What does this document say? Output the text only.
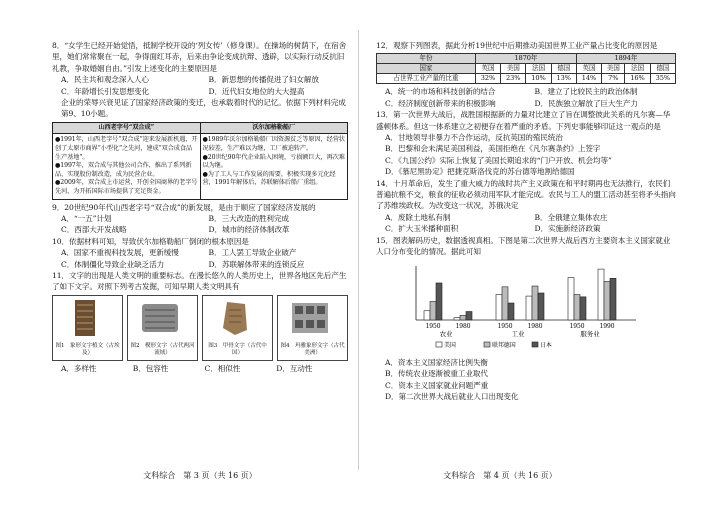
8．“女学生已经开始觉悟，抵制学校开设的‘列女传’（修身课）。在操场的树荫下，在宿舍里，她们常常聚在一起，争得面红耳赤，后来由争论变成抗辩、透辟，以实际行动反抗旧礼教，争取婚姻自由。”引发上述变化的主要原因是

A．民主共和观念深入人心	B．新思想的传播促进了妇女解放
C．年龄增长引发思想变化	D．近代妇女地位的大大提高

企业的荣辱兴衰见证了国家经济政策的变迁，也承载着时代的记忆。依据下列材料完成第9、10小题。

山西老字号“双合成”	沃尔加格勒船厂
●1991年，山西老字号“双合成”迎来发展新机遇，开创了太原市商界“小型化”之先河，建成“双合成食品生产基地”。
●1997年，双合成与其他公司合作，推出了系列新品，实现股份制改造，成为民营企业。
●2009年，双合成上市运营，开创全国商界的老字号先河，为开拓国际市场提供了充足资金。	●1989年沃尔加格勒船厂因资源贫乏等原因，经营状况较差，生产难以为继，工厂被迫转产。
●20世纪90年代企业陷入困境，亏损额巨大，再次难以为继。
●为了工人与工作发展的需要，积极实现多元化经营，1991年解体后，苏联解体后船厂重组。

9．20世纪90年代山西老字号“双合成”的新发展，是由于顺应了国家经济发展的

A．“一五”计划	B．三大改造的胜利完成
C．西部大开发战略	D．城市的经济体制改革

10．依据材料可知，导致伏尔加格勒船厂倒闭的根本原因是

A．国家不重视科技发展，更新缓慢	B．工人罢工导致企业破产
C．体制僵化导致企业缺乏活力	D．苏联解体带来的连锁反应

11．文字的出现是人类文明的重要标志。在漫长悠久的人类历史上，世界各地区先后产生了如下文字。对照下列考古发掘，可知早期人类文明具有

图1　象形文字植文（古埃及）
图2　楔形文字（古代两河流域）
图3　甲骨文字（古代中国）
图4　玛雅象形文字（古代美洲）
A．多样性	B．包容性	C．相似性	D．互动性
文科综合　第 3 页（共 16 页）

12．观察下列图表，据此分析19世纪中后期推动美国世界工业产量占比变化的原因是

年份	1870年				1894年			
国家	英国	美国	法国	德国	英国	美国	法国	德国
占世界工业产量的比重	32%	23%	10%	13%	14%	7%	16%	35%
A．统一的市场和科技创新的结合	B．建立了比较民主的政治体制
C．经济制度创新带来的积极影响	D．民族独立解放了巨大生产力

13．第一次世界大战后，战胜国根据新的力量对比建立了旨在调整彼此关系的凡尔赛—华盛顿体系。但这一体系建立之初便存在着严重的矛盾。下列史事能够印证这一观点的是

A．甘地领导非暴力不合作运动，反抗英国的殖民统治
B．巴黎和会未满足美国利益，美国拒绝在《凡尔赛条约》上签字
C．《九国公约》实际上恢复了美国长期追求的“门户开放、机会均等”
D．《慕尼黑协定》把捷克斯洛伐克的苏台德等地割给德国

14．十月革命后，发生了重大威力的战时共产主义政策在和平时期再也无法推行，农民们普遍抗粮不交，粮食的征收必须动用军队才能完成。农民与工人的盟工活动甚至将矛头指向了苏维埃政权。为改变这一状况，苏俄决定

A．废除土地私有制	B．全俄建立集体农庄
C．扩大玉米播种面积	D．实施新经济政策

15．图表解码历史，数据透视真相。下图是第二次世界大战后西方主要资本主义国家就业人口分布变化的情况。据此可知

1950	1980
农业
1950	1980
工业
1950	1990
服务业
美国	联邦德国	日本
A．资本主义国家经济比例失衡
B．传统农业逐渐被重工业取代
C．资本主义国家就业问题严重
D．第二次世界大战后就业人口出现变化
文科综合　第 4 页（共 16 页）
